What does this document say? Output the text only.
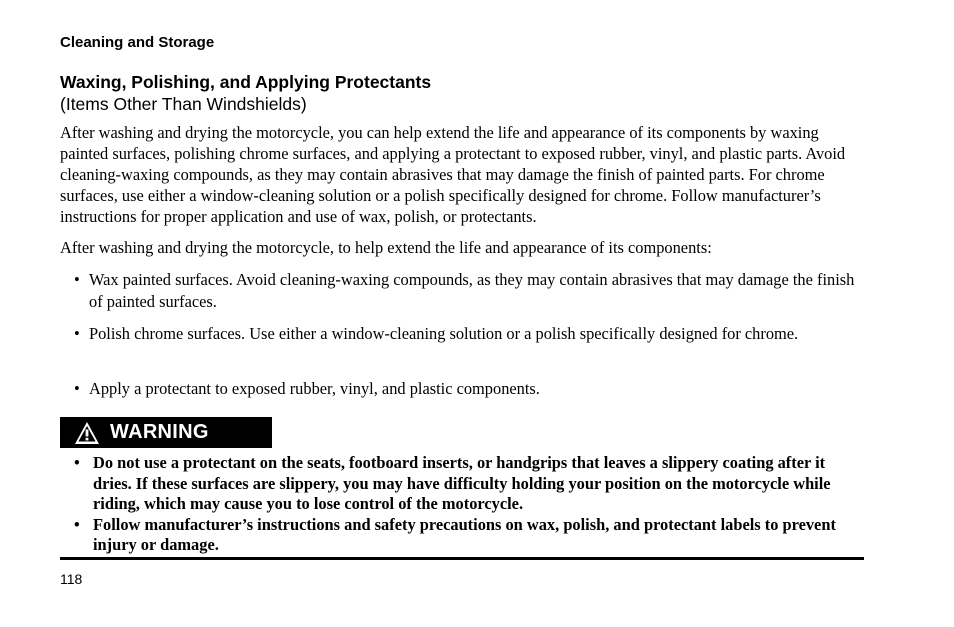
Cleaning and Storage
Waxing, Polishing, and Applying Protectants
(Items Other Than Windshields)
After washing and drying the motorcycle, you can help extend the life and appearance of its components by waxing painted surfaces, polishing chrome surfaces, and applying a protectant to exposed rubber, vinyl, and plastic parts. Avoid cleaning‑waxing compounds, as they may contain abrasives that may damage the finish of painted parts. For chrome surfaces, use either a window‑cleaning solution or a polish specifically designed for chrome. Follow manufacturer’s instructions for proper application and use of wax, polish, or protectants.
After washing and drying the motorcycle, to help extend the life and appearance of its components:
• Wax painted surfaces. Avoid cleaning‑waxing compounds, as they may contain abrasives that may damage the finish of painted surfaces.
• Polish chrome surfaces. Use either a window‑cleaning solution or a polish specifically designed for chrome.
• Apply a protectant to exposed rubber, vinyl, and plastic components.
WARNING
• Do not use a protectant on the seats, footboard inserts, or handgrips that leaves a slippery coating after it dries. If these surfaces are slippery, you may have difficulty holding your position on the motorcycle while riding, which may cause you to lose control of the motorcycle.
• Follow manufacturer’s instructions and safety precautions on wax, polish, and protectant labels to prevent injury or damage.
118
